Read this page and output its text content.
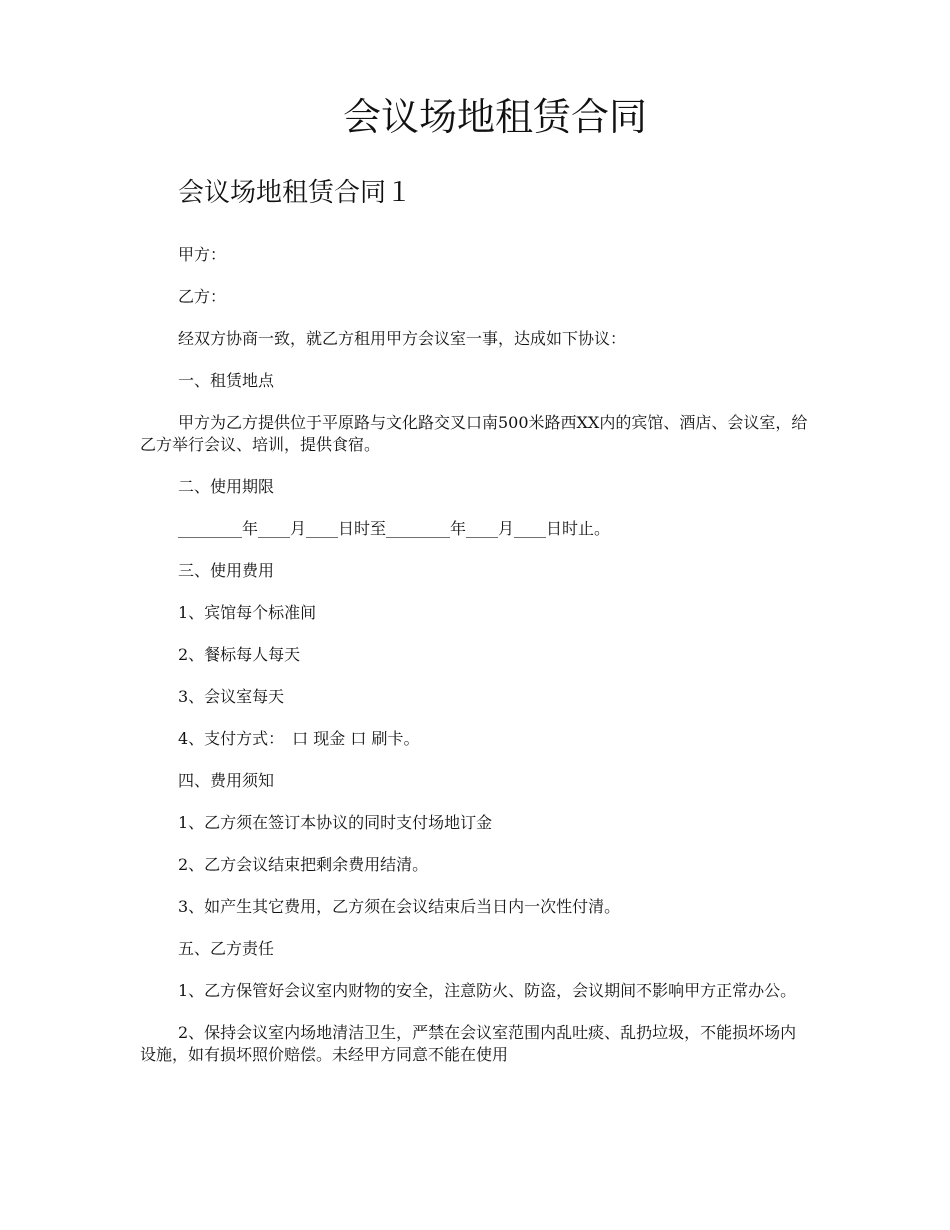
会议场地租赁合同
会议场地租赁合同１

甲方：

乙方：

经双方协商一致，就乙方租用甲方会议室一事，达成如下协议：

一、租赁地点

甲方为乙方提供位于平原路与文化路交叉口南500米路西XX内的宾馆、酒店、会议室，给乙方举行会议、培训，提供食宿。

二、使用期限

________年____月____日时至________年____月____日时止。

三、使用费用

1、宾馆每个标准间

2、餐标每人每天

3、会议室每天

4、支付方式：　口 现金 口 刷卡。

四、费用须知

1、乙方须在签订本协议的同时支付场地订金

2、乙方会议结束把剩余费用结清。

3、如产生其它费用，乙方须在会议结束后当日内一次性付清。

五、乙方责任

1、乙方保管好会议室内财物的安全，注意防火、防盗，会议期间不影响甲方正常办公。

2、保持会议室内场地清洁卫生，严禁在会议室范围内乱吐痰、乱扔垃圾，不能损坏场内设施，如有损坏照价赔偿。未经甲方同意不能在使用
